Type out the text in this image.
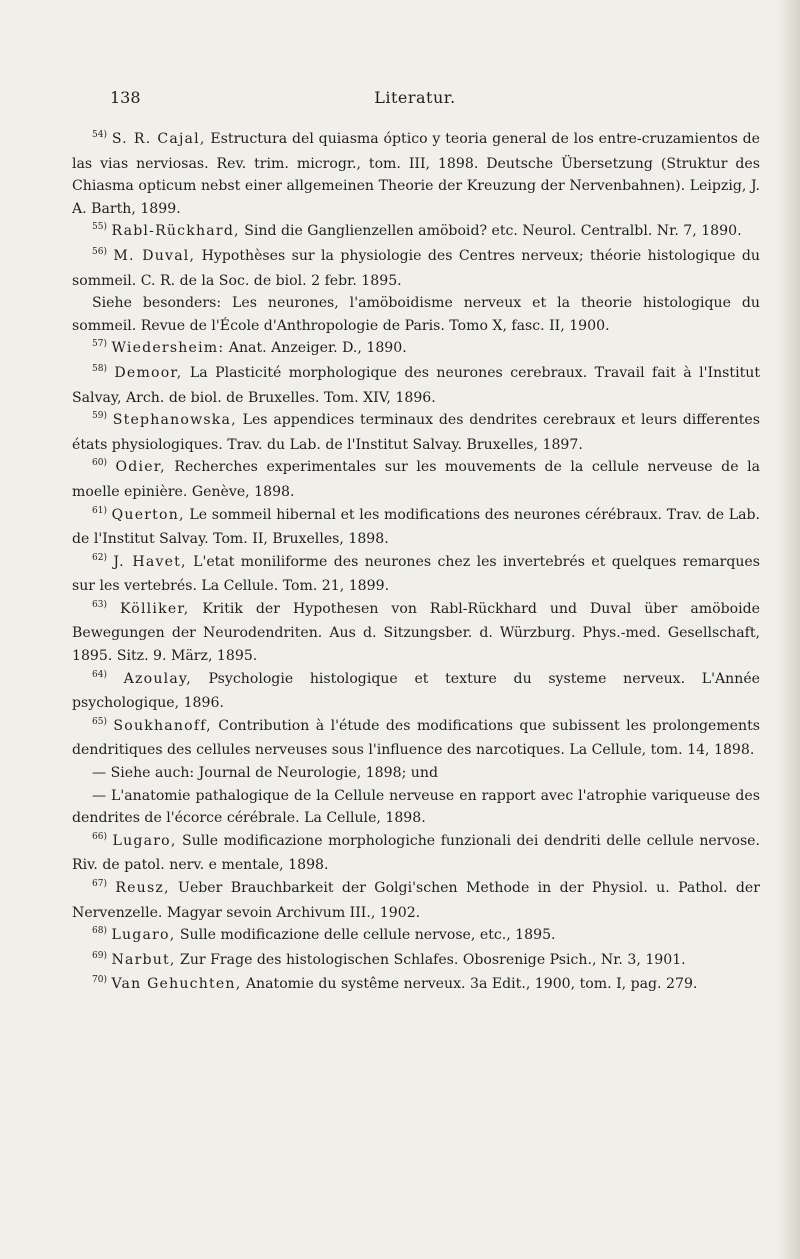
138	Literatur.

$^{54)}$ S. R. Cajal, Estructura del quiasma óptico y teoria general de los entre-cruzamientos de las vias nerviosas. Rev. trim. microgr., tom. III, 1898. Deutsche Übersetzung (Struktur des Chiasma opticum nebst einer allgemeinen Theorie der Kreuzung der Nervenbahnen). Leipzig, J. A. Barth, 1899.

$^{55)}$ Rabl-Rückhard, Sind die Ganglienzellen amöboid? etc. Neurol. Centralbl. Nr. 7, 1890.

$^{56)}$ M. Duval, Hypothèses sur la physiologie des Centres nerveux; théorie histologique du sommeil. C. R. de la Soc. de biol. 2 febr. 1895.

Siehe besonders: Les neurones, l'amöboidisme nerveux et la theorie histologique du sommeil. Revue de l'École d'Anthropologie de Paris. Tomo X, fasc. II, 1900.

$^{57)}$ Wiedersheim: Anat. Anzeiger. D., 1890.

$^{58)}$ Demoor, La Plasticité morphologique des neurones cerebraux. Travail fait à l'Institut Salvay, Arch. de biol. de Bruxelles. Tom. XIV, 1896.

$^{59)}$ Stephanowska, Les appendices terminaux des dendrites cerebraux et leurs differentes états physiologiques. Trav. du Lab. de l'Institut Salvay. Bruxelles, 1897.

$^{60)}$ Odier, Recherches experimentales sur les mouvements de la cellule nerveuse de la moelle epinière. Genève, 1898.

$^{61)}$ Querton, Le sommeil hibernal et les modifications des neurones cérébraux. Trav. de Lab. de l'Institut Salvay. Tom. II, Bruxelles, 1898.

$^{62)}$ J. Havet, L'etat moniliforme des neurones chez les invertebrés et quelques remarques sur les vertebrés. La Cellule. Tom. 21, 1899.

$^{63)}$ Kölliker, Kritik der Hypothesen von Rabl-Rückhard und Duval über amöboide Bewegungen der Neurodendriten. Aus d. Sitzungsber. d. Würzburg. Phys.-med. Gesellschaft, 1895. Sitz. 9. März, 1895.

$^{64)}$ Azoulay, Psychologie histologique et texture du systeme nerveux. L'Année psychologique, 1896.

$^{65)}$ Soukhanoff, Contribution à l'étude des modifications que subissent les prolongements dendritiques des cellules nerveuses sous l'influence des narcotiques. La Cellule, tom. 14, 1898.

— Siehe auch: Journal de Neurologie, 1898; und

— L'anatomie pathalogique de la Cellule nerveuse en rapport avec l'atrophie variqueuse des dendrites de l'écorce cérébrale. La Cellule, 1898.

$^{66)}$ Lugaro, Sulle modificazione morphologiche funzionali dei dendriti delle cellule nervose. Riv. de patol. nerv. e mentale, 1898.

$^{67)}$ Reusz, Ueber Brauchbarkeit der Golgi'schen Methode in der Physiol. u. Pathol. der Nervenzelle. Magyar sevoin Archivum III., 1902.

$^{68)}$ Lugaro, Sulle modificazione delle cellule nervose, etc., 1895.

$^{69)}$ Narbut, Zur Frage des histologischen Schlafes. Obosrenige Psich., Nr. 3, 1901.

$^{70)}$ Van Gehuchten, Anatomie du systême nerveux. 3a Edit., 1900, tom. I, pag. 279.
